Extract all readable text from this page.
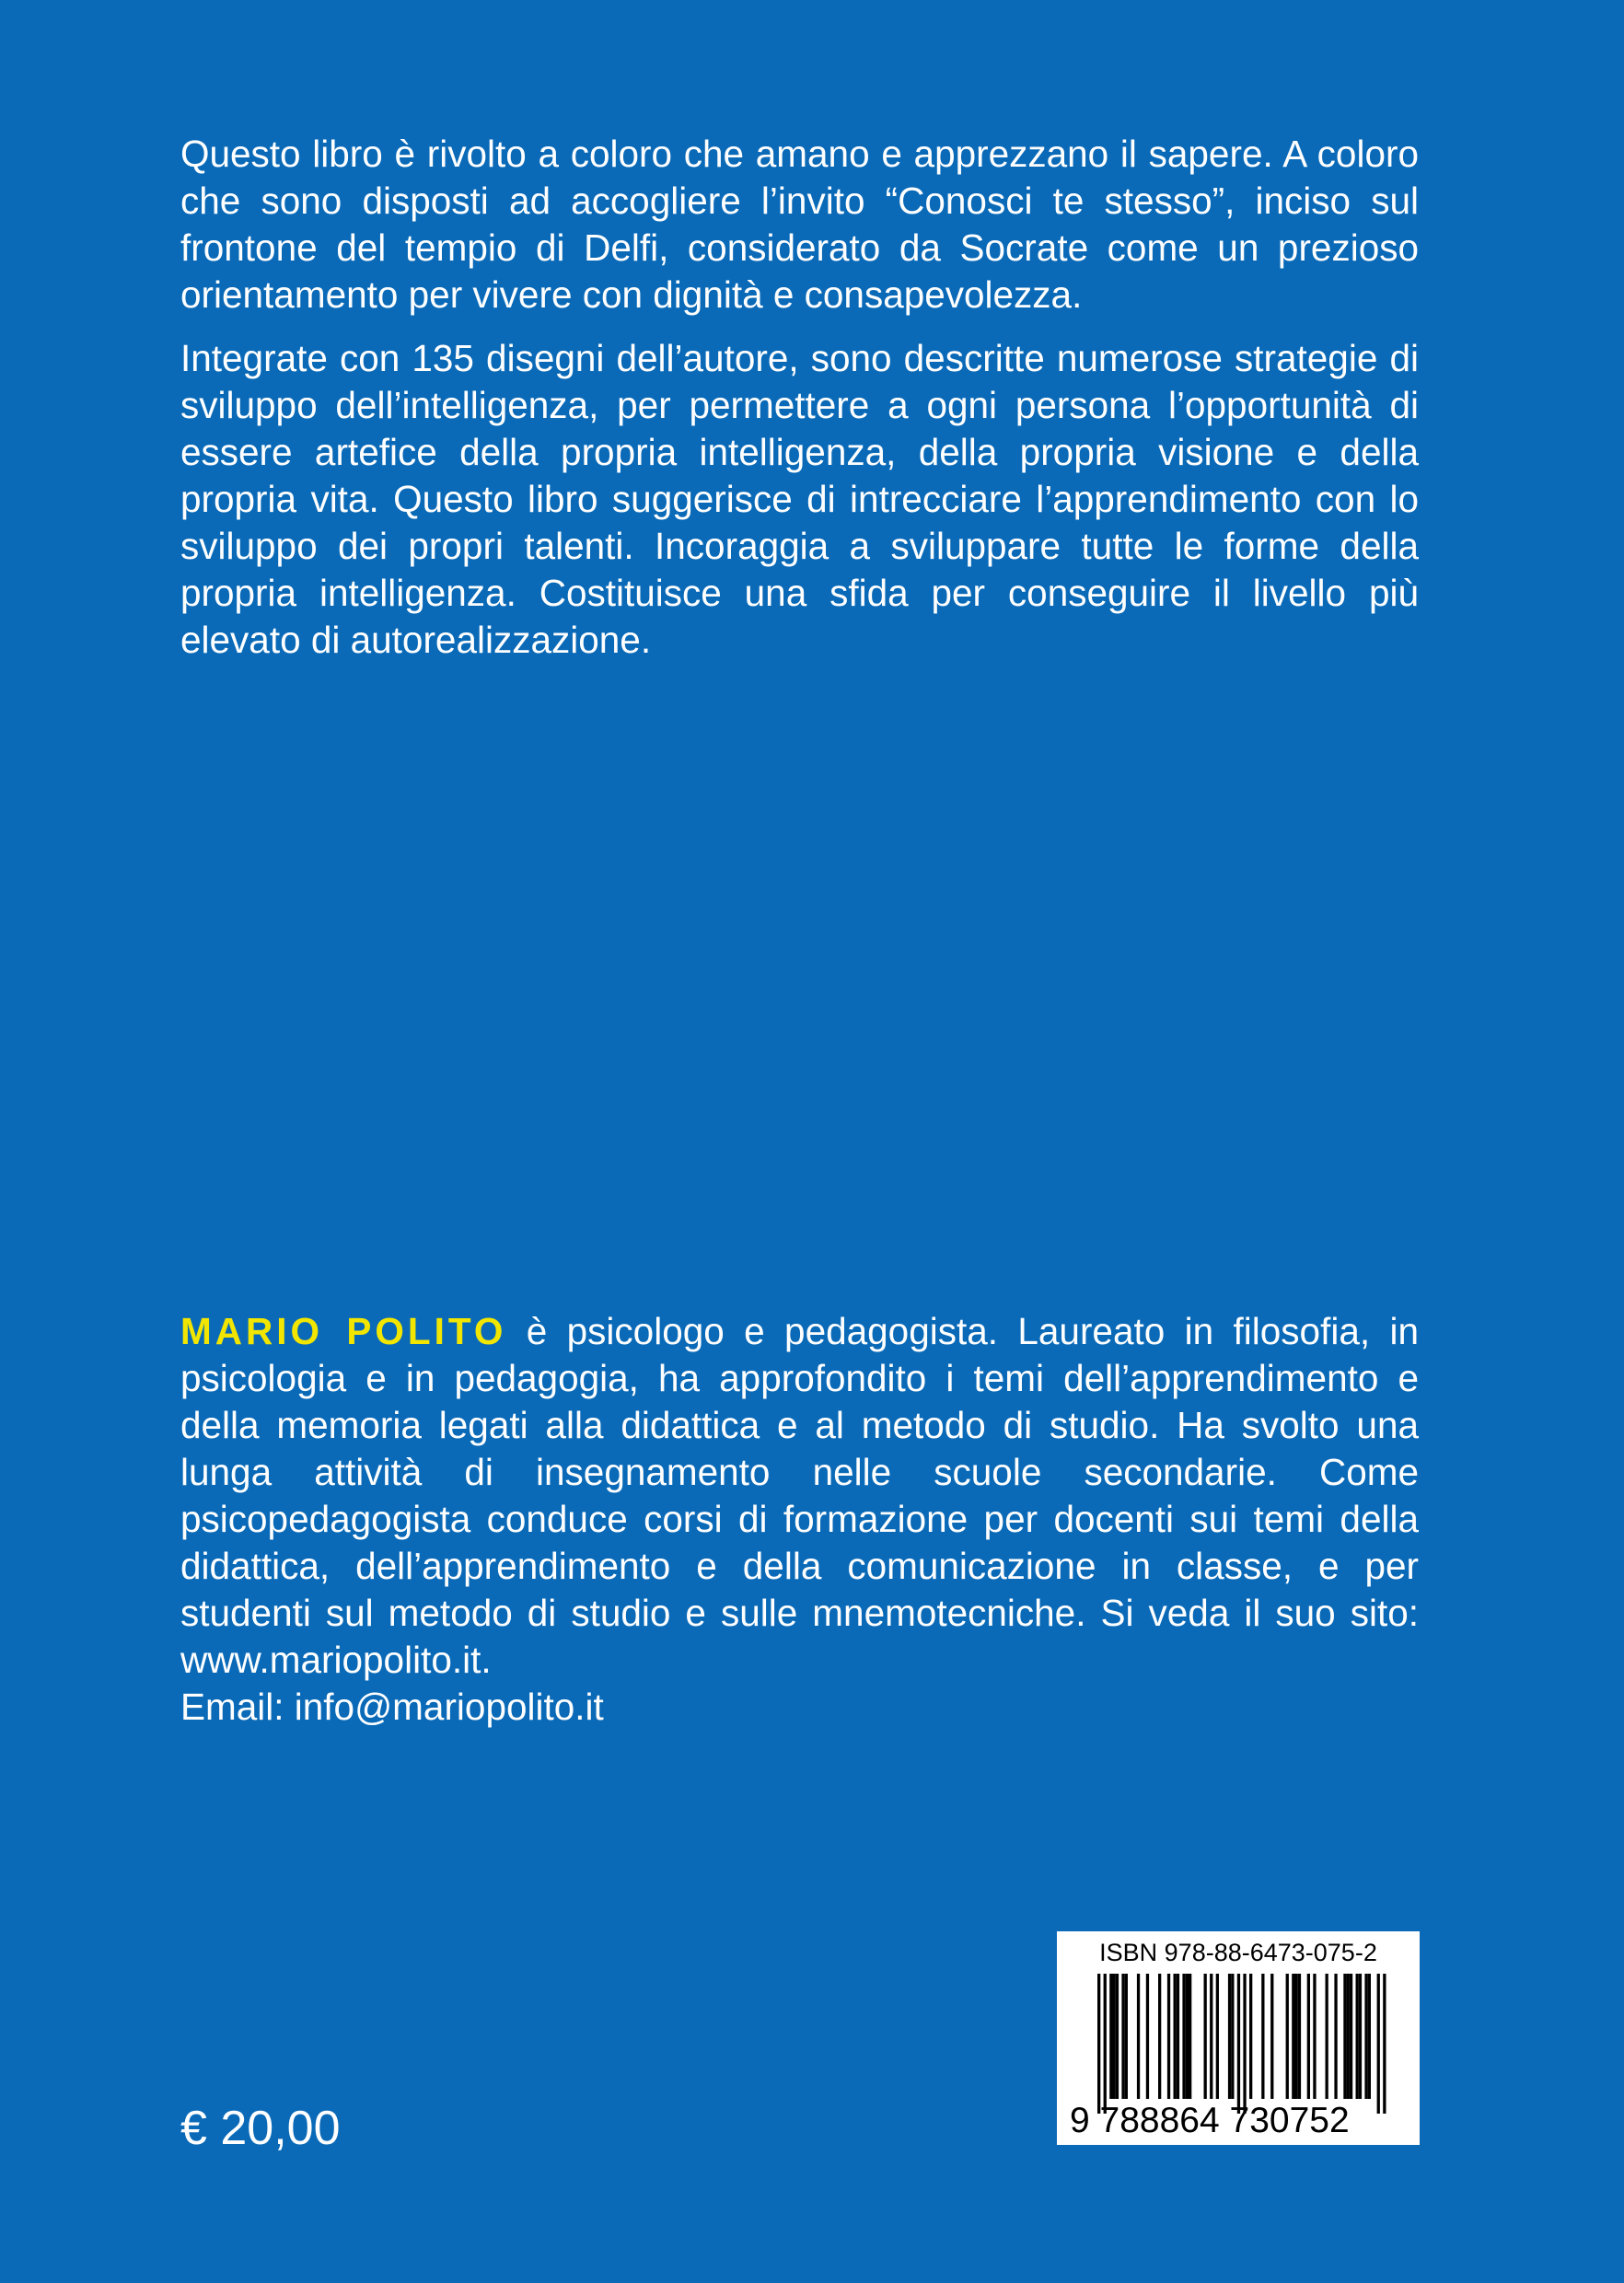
Questo libro è rivolto a coloro che amano e apprezzano il sapere. A coloro che sono disposti ad accogliere l’invito “Conosci te stesso”, inciso sul frontone del tempio di Delfi, considerato da Socrate come un prezioso orientamento per vivere con dignità e consapevolezza.

Integrate con 135 disegni dell’autore, sono descritte numerose strategie di sviluppo dell’intelligenza, per permettere a ogni persona l’opportunità di essere artefice della propria intelligenza, della propria visione e della propria vita. Questo libro suggerisce di intrecciare l’apprendimento con lo sviluppo dei propri talenti. Incoraggia a sviluppare tutte le forme della propria intelligenza. Costituisce una sfida per conseguire il livello più elevato di autorealizzazione.

MARIO POLITO è psicologo e pedagogista. Laureato in filosofia, in psicologia e in pedagogia, ha approfondito i temi dell’apprendimento e della memoria legati alla didattica e al metodo di studio. Ha svolto una lunga attività di insegnamento nelle scuole secondarie. Come psicopedagogista conduce corsi di formazione per docenti sui temi della didattica, dell’apprendimento e della comunicazione in classe, e per studenti sul metodo di studio e sulle mnemotecniche. Si veda il suo sito: www.mariopolito.it.
Email: info@mariopolito.it

€ 20,00
ISBN 978-88-6473-075-2
9 788864 730752
